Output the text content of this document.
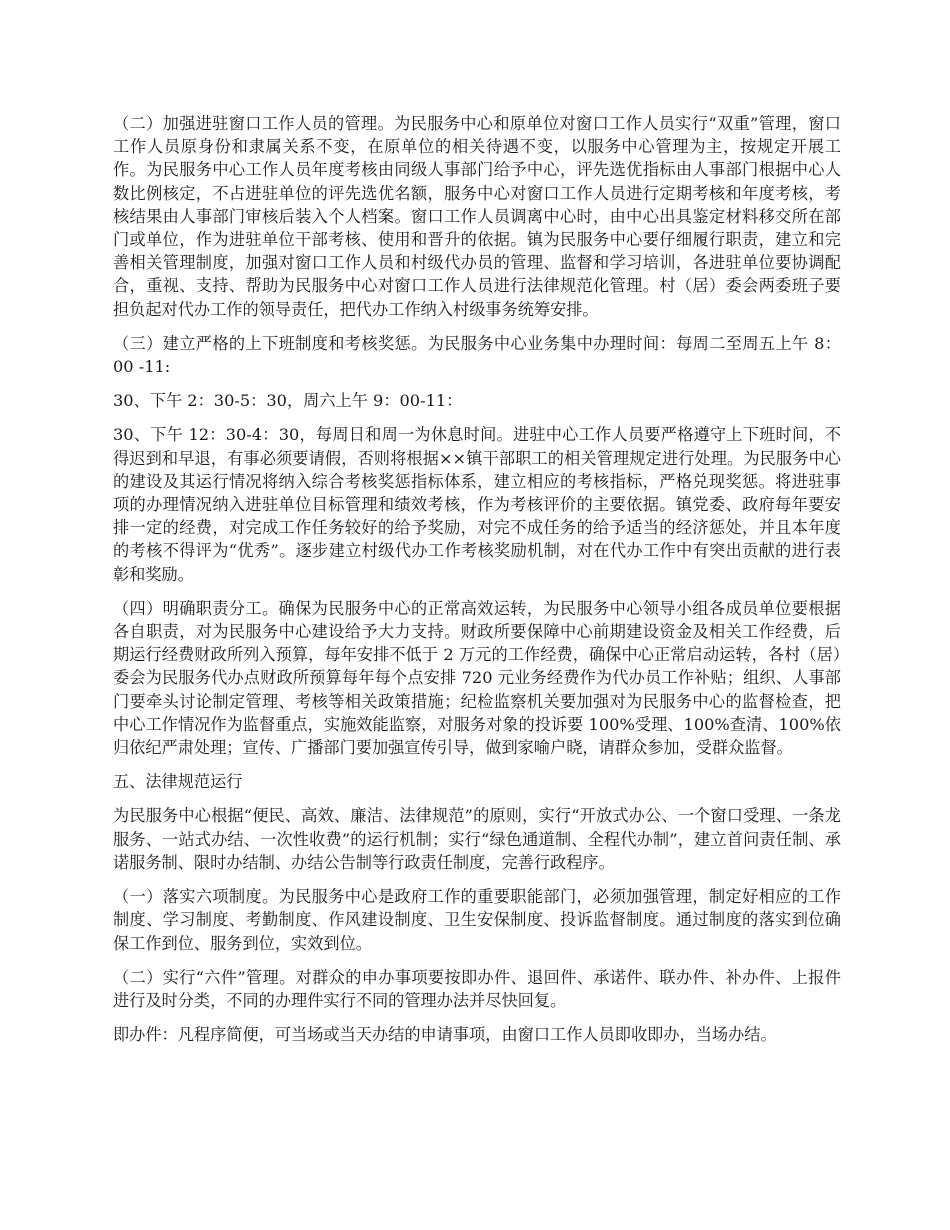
（二）加强进驻窗口工作人员的管理。为民服务中心和原单位对窗口工作人员实行“双重”管理，窗口工作人员原身份和隶属关系不变，在原单位的相关待遇不变，以服务中心管理为主，按规定开展工作。为民服务中心工作人员年度考核由同级人事部门给予中心，评先选优指标由人事部门根据中心人数比例核定，不占进驻单位的评先选优名额，服务中心对窗口工作人员进行定期考核和年度考核，考核结果由人事部门审核后装入个人档案。窗口工作人员调离中心时，由中心出具鉴定材料移交所在部门或单位，作为进驻单位干部考核、使用和晋升的依据。镇为民服务中心要仔细履行职责，建立和完善相关管理制度，加强对窗口工作人员和村级代办员的管理、监督和学习培训，各进驻单位要协调配合，重视、支持、帮助为民服务中心对窗口工作人员进行法律规范化管理。村（居）委会两委班子要担负起对代办工作的领导责任，把代办工作纳入村级事务统筹安排。

（三）建立严格的上下班制度和考核奖惩。为民服务中心业务集中办理时间：每周二至周五上午 8：00 -11:

30、下午 2：30-5：30，周六上午 9：00-11：

30、下午 12：30-4：30，每周日和周一为休息时间。进驻中心工作人员要严格遵守上下班时间，不得迟到和早退，有事必须要请假，否则将根据××镇干部职工的相关管理规定进行处理。为民服务中心的建设及其运行情况将纳入综合考核奖惩指标体系，建立相应的考核指标，严格兑现奖惩。将进驻事项的办理情况纳入进驻单位目标管理和绩效考核，作为考核评价的主要依据。镇党委、政府每年要安排一定的经费，对完成工作任务较好的给予奖励，对完不成任务的给予适当的经济惩处，并且本年度的考核不得评为“优秀”。逐步建立村级代办工作考核奖励机制，对在代办工作中有突出贡献的进行表彰和奖励。

（四）明确职责分工。确保为民服务中心的正常高效运转，为民服务中心领导小组各成员单位要根据各自职责，对为民服务中心建设给予大力支持。财政所要保障中心前期建设资金及相关工作经费，后期运行经费财政所列入预算，每年安排不低于 2 万元的工作经费，确保中心正常启动运转，各村（居）委会为民服务代办点财政所预算每年每个点安排 720 元业务经费作为代办员工作补贴；组织、人事部门要牵头讨论制定管理、考核等相关政策措施；纪检监察机关要加强对为民服务中心的监督检查，把中心工作情况作为监督重点，实施效能监察，对服务对象的投诉要 100%受理、100%查清、100%依归依纪严肃处理；宣传、广播部门要加强宣传引导，做到家喻户晓，请群众参加，受群众监督。

五、法律规范运行

为民服务中心根据“便民、高效、廉洁、法律规范”的原则，实行“开放式办公、一个窗口受理、一条龙服务、一站式办结、一次性收费”的运行机制；实行“绿色通道制、全程代办制”，建立首问责任制、承诺服务制、限时办结制、办结公告制等行政责任制度，完善行政程序。

（一）落实六项制度。为民服务中心是政府工作的重要职能部门，必须加强管理，制定好相应的工作制度、学习制度、考勤制度、作风建设制度、卫生安保制度、投诉监督制度。通过制度的落实到位确保工作到位、服务到位，实效到位。

（二）实行“六件”管理。对群众的申办事项要按即办件、退回件、承诺件、联办件、补办件、上报件进行及时分类，不同的办理件实行不同的管理办法并尽快回复。

即办件：凡程序简便，可当场或当天办结的申请事项，由窗口工作人员即收即办，当场办结。
